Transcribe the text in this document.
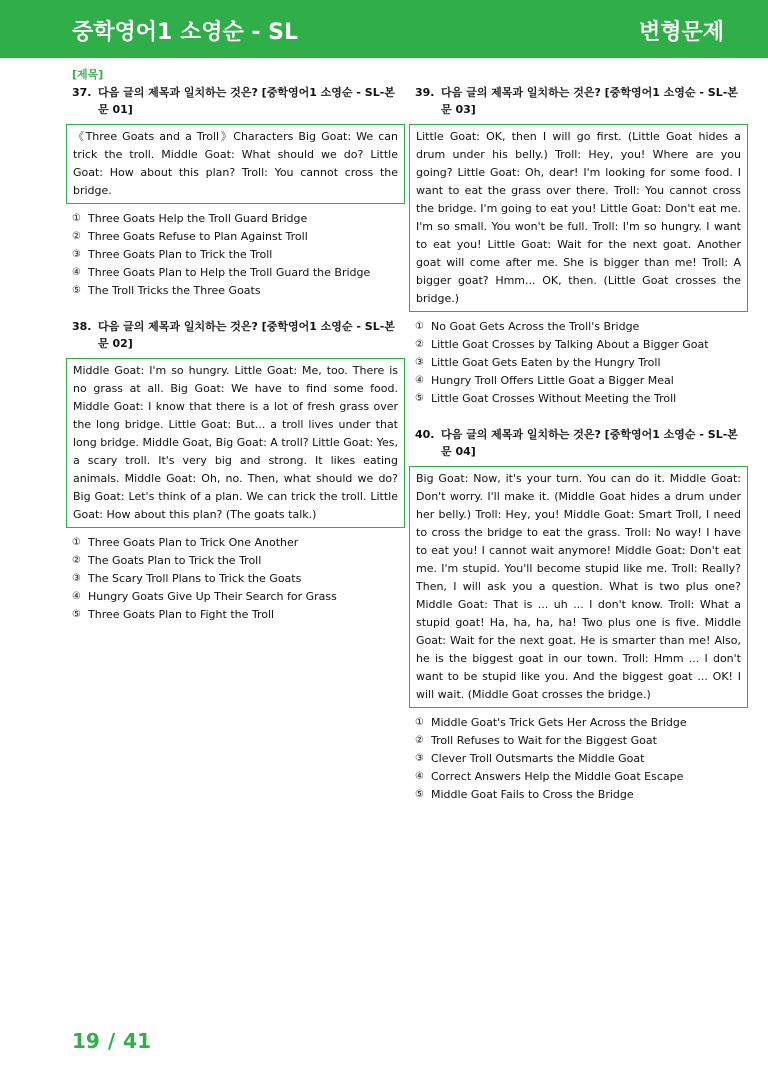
중학영어1 소영순 - SL	변형문제
[제목]
37. 다음 글의 제목과 일치하는 것은? [중학영어1 소영순 - SL-본문 01]
《Three Goats and a Troll》Characters Big Goat: We can trick the troll. Middle Goat: What should we do? Little Goat: How about this plan? Troll: You cannot cross the bridge.
① Three Goats Help the Troll Guard Bridge
② Three Goats Refuse to Plan Against Troll
③ Three Goats Plan to Trick the Troll
④ Three Goats Plan to Help the Troll Guard the Bridge
⑤ The Troll Tricks the Three Goats
38. 다음 글의 제목과 일치하는 것은? [중학영어1 소영순 - SL-본문 02]
Middle Goat: I'm so hungry. Little Goat: Me, too. There is no grass at all. Big Goat: We have to find some food. Middle Goat: I know that there is a lot of fresh grass over the long bridge. Little Goat: But... a troll lives under that long bridge. Middle Goat, Big Goat: A troll? Little Goat: Yes, a scary troll. It's very big and strong. It likes eating animals. Middle Goat: Oh, no. Then, what should we do? Big Goat: Let's think of a plan. We can trick the troll. Little Goat: How about this plan? (The goats talk.)
① Three Goats Plan to Trick One Another
② The Goats Plan to Trick the Troll
③ The Scary Troll Plans to Trick the Goats
④ Hungry Goats Give Up Their Search for Grass
⑤ Three Goats Plan to Fight the Troll
39. 다음 글의 제목과 일치하는 것은? [중학영어1 소영순 - SL-본문 03]
Little Goat: OK, then I will go first. (Little Goat hides a drum under his belly.) Troll: Hey, you! Where are you going? Little Goat: Oh, dear! I'm looking for some food. I want to eat the grass over there. Troll: You cannot cross the bridge. I'm going to eat you! Little Goat: Don't eat me. I'm so small. You won't be full. Troll: I'm so hungry. I want to eat you! Little Goat: Wait for the next goat. Another goat will come after me. She is bigger than me! Troll: A bigger goat? Hmm... OK, then. (Little Goat crosses the bridge.)
① No Goat Gets Across the Troll's Bridge
② Little Goat Crosses by Talking About a Bigger Goat
③ Little Goat Gets Eaten by the Hungry Troll
④ Hungry Troll Offers Little Goat a Bigger Meal
⑤ Little Goat Crosses Without Meeting the Troll
40. 다음 글의 제목과 일치하는 것은? [중학영어1 소영순 - SL-본문 04]
Big Goat: Now, it's your turn. You can do it. Middle Goat: Don't worry. I'll make it. (Middle Goat hides a drum under her belly.) Troll: Hey, you! Middle Goat: Smart Troll, I need to cross the bridge to eat the grass. Troll: No way! I have to eat you! I cannot wait anymore! Middle Goat: Don't eat me. I'm stupid. You'll become stupid like me. Troll: Really? Then, I will ask you a question. What is two plus one? Middle Goat: That is ... uh ... I don't know. Troll: What a stupid goat! Ha, ha, ha, ha! Two plus one is five. Middle Goat: Wait for the next goat. He is smarter than me! Also, he is the biggest goat in our town. Troll: Hmm ... I don't want to be stupid like you. And the biggest goat ... OK! I will wait. (Middle Goat crosses the bridge.)
① Middle Goat's Trick Gets Her Across the Bridge
② Troll Refuses to Wait for the Biggest Goat
③ Clever Troll Outsmarts the Middle Goat
④ Correct Answers Help the Middle Goat Escape
⑤ Middle Goat Fails to Cross the Bridge
19 / 41
